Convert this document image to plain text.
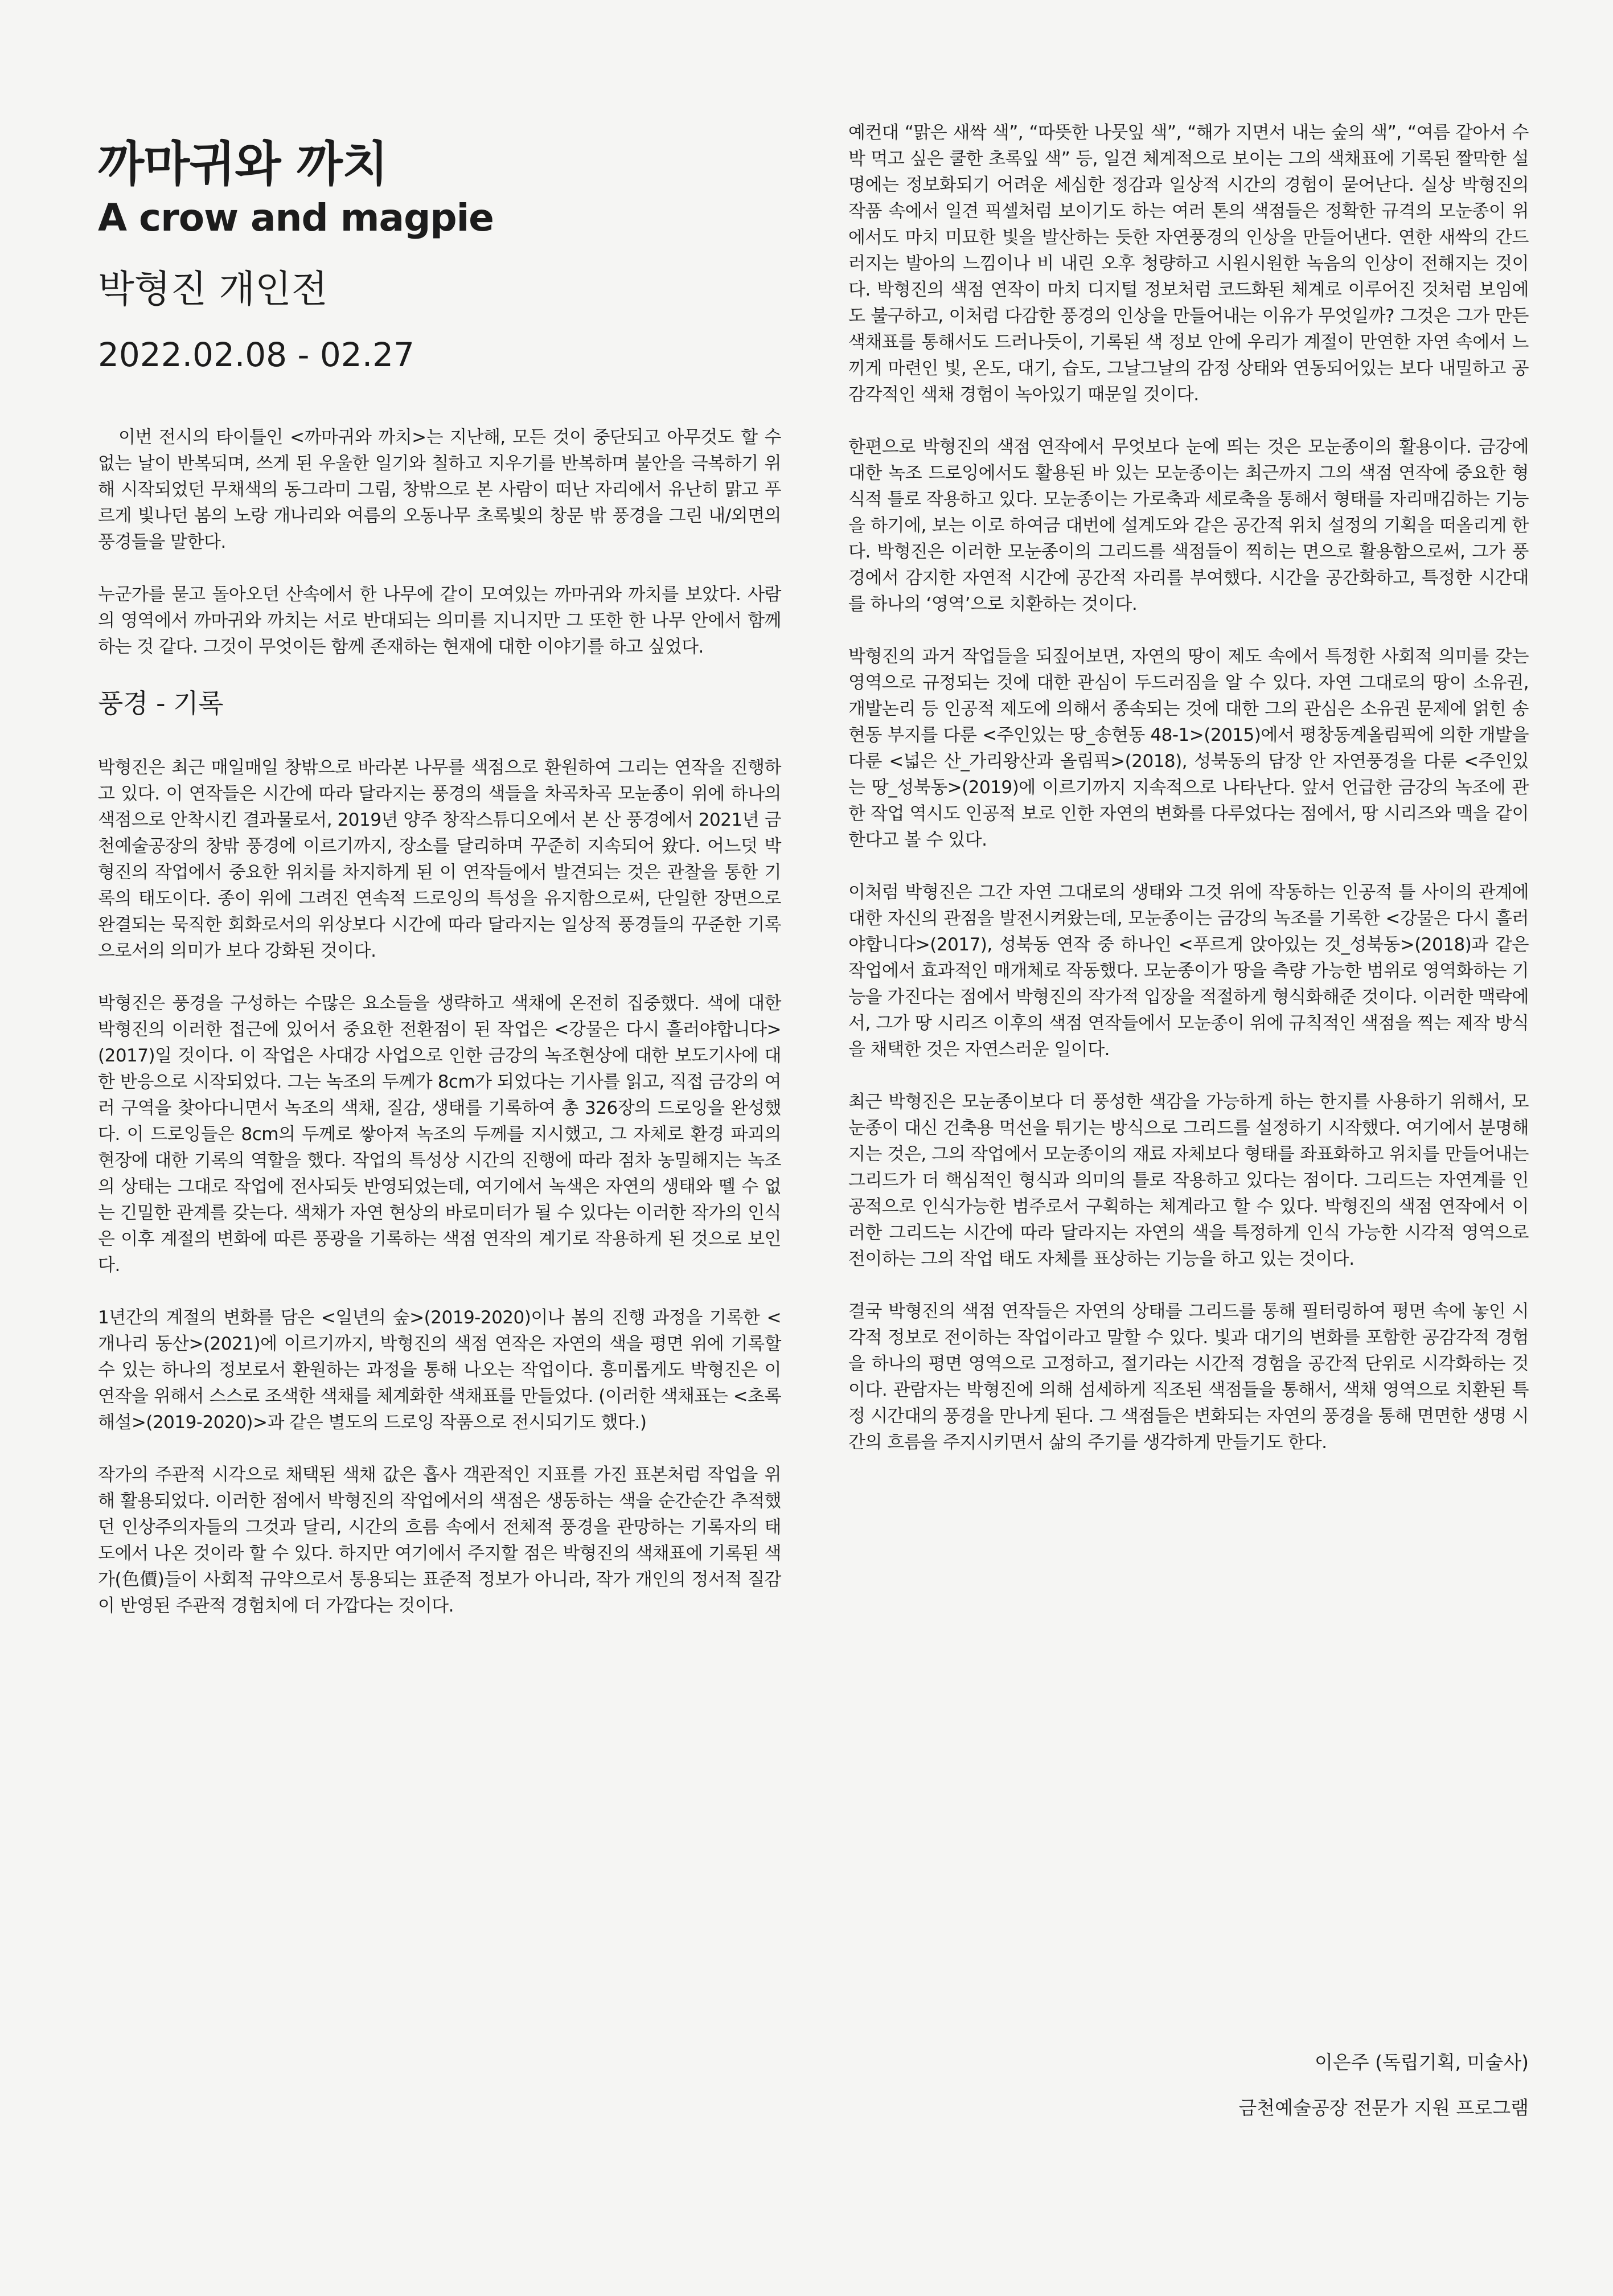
까마귀와 까치
A crow and magpie
박형진 개인전
2022.02.08 - 02.27

이번 전시의 타이틀인 <까마귀와 까치>는 지난해, 모든 것이 중단되고 아무것도 할 수 없는 날이 반복되며, 쓰게 된 우울한 일기와 칠하고 지우기를 반복하며 불안을 극복하기 위해 시작되었던 무채색의 동그라미 그림, 창밖으로 본 사람이 떠난 자리에서 유난히 맑고 푸르게 빛나던 봄의 노랑 개나리와 여름의 오동나무 초록빛의 창문 밖 풍경을 그린 내/외면의 풍경들을 말한다.

누군가를 묻고 돌아오던 산속에서 한 나무에 같이 모여있는 까마귀와 까치를 보았다. 사람의 영역에서 까마귀와 까치는 서로 반대되는 의미를 지니지만 그 또한 한 나무 안에서 함께하는 것 같다. 그것이 무엇이든 함께 존재하는 현재에 대한 이야기를 하고 싶었다.

풍경 - 기록

박형진은 최근 매일매일 창밖으로 바라본 나무를 색점으로 환원하여 그리는 연작을 진행하고 있다. 이 연작들은 시간에 따라 달라지는 풍경의 색들을 차곡차곡 모눈종이 위에 하나의 색점으로 안착시킨 결과물로서, 2019년 양주 창작스튜디오에서 본 산 풍경에서 2021년 금천예술공장의 창밖 풍경에 이르기까지, 장소를 달리하며 꾸준히 지속되어 왔다. 어느덧 박형진의 작업에서 중요한 위치를 차지하게 된 이 연작들에서 발견되는 것은 관찰을 통한 기록의 태도이다. 종이 위에 그려진 연속적 드로잉의 특성을 유지함으로써, 단일한 장면으로 완결되는 묵직한 회화로서의 위상보다 시간에 따라 달라지는 일상적 풍경들의 꾸준한 기록으로서의 의미가 보다 강화된 것이다.

박형진은 풍경을 구성하는 수많은 요소들을 생략하고 색채에 온전히 집중했다. 색에 대한 박형진의 이러한 접근에 있어서 중요한 전환점이 된 작업은 <강물은 다시 흘러야합니다>(2017)일 것이다. 이 작업은 사대강 사업으로 인한 금강의 녹조현상에 대한 보도기사에 대한 반응으로 시작되었다. 그는 녹조의 두께가 8cm가 되었다는 기사를 읽고, 직접 금강의 여러 구역을 찾아다니면서 녹조의 색채, 질감, 생태를 기록하여 총 326장의 드로잉을 완성했다. 이 드로잉들은 8cm의 두께로 쌓아져 녹조의 두께를 지시했고, 그 자체로 환경 파괴의 현장에 대한 기록의 역할을 했다. 작업의 특성상 시간의 진행에 따라 점차 농밀해지는 녹조의 상태는 그대로 작업에 전사되듯 반영되었는데, 여기에서 녹색은 자연의 생태와 뗄 수 없는 긴밀한 관계를 갖는다. 색채가 자연 현상의 바로미터가 될 수 있다는 이러한 작가의 인식은 이후 계절의 변화에 따른 풍광을 기록하는 색점 연작의 계기로 작용하게 된 것으로 보인다.

1년간의 계절의 변화를 담은 <일년의 숲>(2019-2020)이나 봄의 진행 과정을 기록한 <개나리 동산>(2021)에 이르기까지, 박형진의 색점 연작은 자연의 색을 평면 위에 기록할 수 있는 하나의 정보로서 환원하는 과정을 통해 나오는 작업이다. 흥미롭게도 박형진은 이 연작을 위해서 스스로 조색한 색채를 체계화한 색채표를 만들었다. (이러한 색채표는 <초록해설>(2019-2020)>과 같은 별도의 드로잉 작품으로 전시되기도 했다.)

작가의 주관적 시각으로 채택된 색채 값은 흡사 객관적인 지표를 가진 표본처럼 작업을 위해 활용되었다. 이러한 점에서 박형진의 작업에서의 색점은 생동하는 색을 순간순간 추적했던 인상주의자들의 그것과 달리, 시간의 흐름 속에서 전체적 풍경을 관망하는 기록자의 태도에서 나온 것이라 할 수 있다. 하지만 여기에서 주지할 점은 박형진의 색채표에 기록된 색가(色價)들이 사회적 규약으로서 통용되는 표준적 정보가 아니라, 작가 개인의 정서적 질감이 반영된 주관적 경험치에 더 가깝다는 것이다.

예컨대 “맑은 새싹 색”, “따뜻한 나뭇잎 색”, “해가 지면서 내는 숲의 색”, “여름 같아서 수박 먹고 싶은 쿨한 초록잎 색” 등, 일견 체계적으로 보이는 그의 색채표에 기록된 짤막한 설명에는 정보화되기 어려운 세심한 정감과 일상적 시간의 경험이 묻어난다. 실상 박형진의 작품 속에서 일견 픽셀처럼 보이기도 하는 여러 톤의 색점들은 정확한 규격의 모눈종이 위에서도 마치 미묘한 빛을 발산하는 듯한 자연풍경의 인상을 만들어낸다. 연한 새싹의 간드러지는 발아의 느낌이나 비 내린 오후 청량하고 시원시원한 녹음의 인상이 전해지는 것이다. 박형진의 색점 연작이 마치 디지털 정보처럼 코드화된 체계로 이루어진 것처럼 보임에도 불구하고, 이처럼 다감한 풍경의 인상을 만들어내는 이유가 무엇일까? 그것은 그가 만든 색채표를 통해서도 드러나듯이, 기록된 색 정보 안에 우리가 계절이 만연한 자연 속에서 느끼게 마련인 빛, 온도, 대기, 습도, 그날그날의 감정 상태와 연동되어있는 보다 내밀하고 공감각적인 색채 경험이 녹아있기 때문일 것이다.

한편으로 박형진의 색점 연작에서 무엇보다 눈에 띄는 것은 모눈종이의 활용이다. 금강에 대한 녹조 드로잉에서도 활용된 바 있는 모눈종이는 최근까지 그의 색점 연작에 중요한 형식적 틀로 작용하고 있다. 모눈종이는 가로축과 세로축을 통해서 형태를 자리매김하는 기능을 하기에, 보는 이로 하여금 대번에 설계도와 같은 공간적 위치 설정의 기획을 떠올리게 한다. 박형진은 이러한 모눈종이의 그리드를 색점들이 찍히는 면으로 활용함으로써, 그가 풍경에서 감지한 자연적 시간에 공간적 자리를 부여했다. 시간을 공간화하고, 특정한 시간대를 하나의 ‘영역’으로 치환하는 것이다.

박형진의 과거 작업들을 되짚어보면, 자연의 땅이 제도 속에서 특정한 사회적 의미를 갖는 영역으로 규정되는 것에 대한 관심이 두드러짐을 알 수 있다. 자연 그대로의 땅이 소유권, 개발논리 등 인공적 제도에 의해서 종속되는 것에 대한 그의 관심은 소유권 문제에 얽힌 송현동 부지를 다룬 <주인있는 땅_송현동 48-1>(2015)에서 평창동계올림픽에 의한 개발을 다룬 <넓은 산_가리왕산과 올림픽>(2018), 성북동의 담장 안 자연풍경을 다룬 <주인있는 땅_성북동>(2019)에 이르기까지 지속적으로 나타난다. 앞서 언급한 금강의 녹조에 관한 작업 역시도 인공적 보로 인한 자연의 변화를 다루었다는 점에서, 땅 시리즈와 맥을 같이 한다고 볼 수 있다.

이처럼 박형진은 그간 자연 그대로의 생태와 그것 위에 작동하는 인공적 틀 사이의 관계에 대한 자신의 관점을 발전시켜왔는데, 모눈종이는 금강의 녹조를 기록한 <강물은 다시 흘러야합니다>(2017), 성북동 연작 중 하나인 <푸르게 앉아있는 것_성북동>(2018)과 같은 작업에서 효과적인 매개체로 작동했다. 모눈종이가 땅을 측량 가능한 범위로 영역화하는 기능을 가진다는 점에서 박형진의 작가적 입장을 적절하게 형식화해준 것이다. 이러한 맥락에서, 그가 땅 시리즈 이후의 색점 연작들에서 모눈종이 위에 규칙적인 색점을 찍는 제작 방식을 채택한 것은 자연스러운 일이다.

최근 박형진은 모눈종이보다 더 풍성한 색감을 가능하게 하는 한지를 사용하기 위해서, 모눈종이 대신 건축용 먹선을 튀기는 방식으로 그리드를 설정하기 시작했다. 여기에서 분명해지는 것은, 그의 작업에서 모눈종이의 재료 자체보다 형태를 좌표화하고 위치를 만들어내는 그리드가 더 핵심적인 형식과 의미의 틀로 작용하고 있다는 점이다. 그리드는 자연계를 인공적으로 인식가능한 범주로서 구획하는 체계라고 할 수 있다. 박형진의 색점 연작에서 이러한 그리드는 시간에 따라 달라지는 자연의 색을 특정하게 인식 가능한 시각적 영역으로 전이하는 그의 작업 태도 자체를 표상하는 기능을 하고 있는 것이다.

결국 박형진의 색점 연작들은 자연의 상태를 그리드를 통해 필터링하여 평면 속에 놓인 시각적 정보로 전이하는 작업이라고 말할 수 있다. 빛과 대기의 변화를 포함한 공감각적 경험을 하나의 평면 영역으로 고정하고, 절기라는 시간적 경험을 공간적 단위로 시각화하는 것이다. 관람자는 박형진에 의해 섬세하게 직조된 색점들을 통해서, 색채 영역으로 치환된 특정 시간대의 풍경을 만나게 된다. 그 색점들은 변화되는 자연의 풍경을 통해 면면한 생명 시간의 흐름을 주지시키면서 삶의 주기를 생각하게 만들기도 한다.

이은주 (독립기획, 미술사)
금천예술공장 전문가 지원 프로그램
